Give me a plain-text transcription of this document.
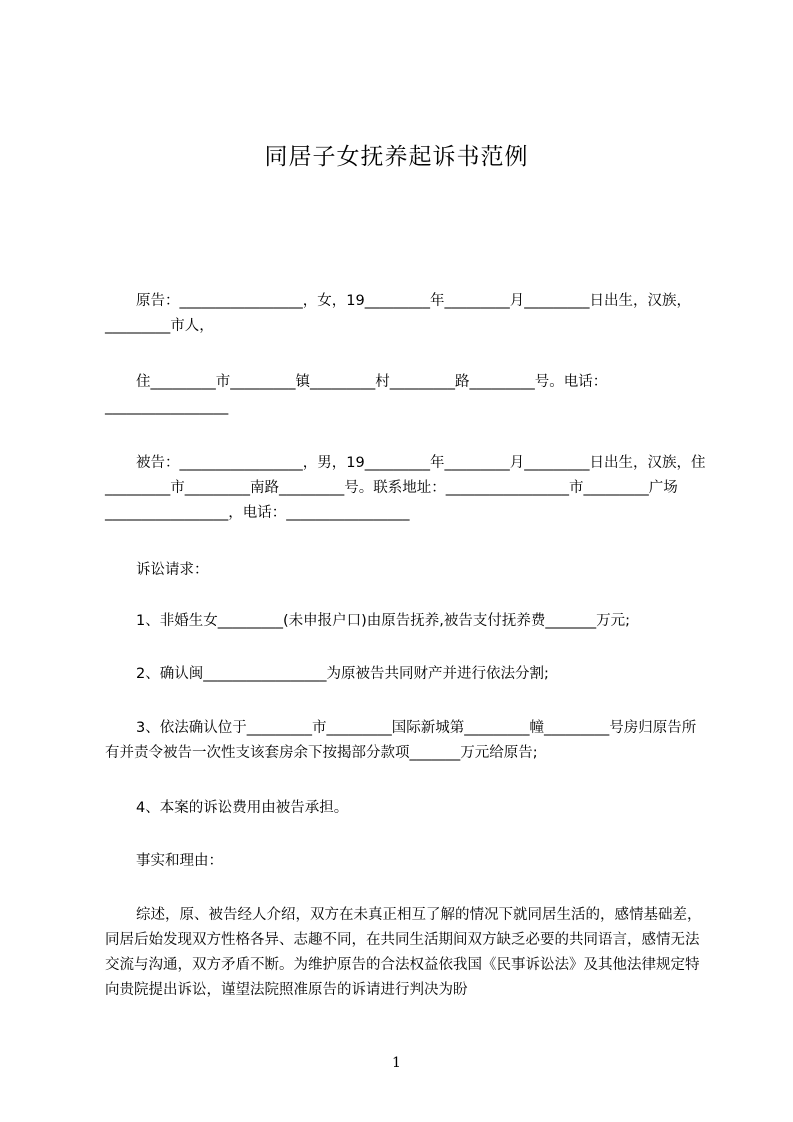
同居子女抚养起诉书范例

原告：_________________，女，19_________年_________月_________日出生，汉族，_________市人，

住_________市_________镇_________村_________路_________号。电话：_________________

被告：_________________，男，19_________年_________月_________日出生，汉族，住_________市_________南路_________号。联系地址：_________________市_________广场_________________，电话：_________________

诉讼请求：

1、非婚生女_________(未申报户口)由原告抚养,被告支付抚养费_______万元;

2、确认闽_________________为原被告共同财产并进行依法分割;

3、依法确认位于_________市_________国际新城第_________幢_________号房归原告所有并责令被告一次性支该套房余下按揭部分款项_______万元给原告;

4、本案的诉讼费用由被告承担。

事实和理由：

综述，原、被告经人介绍，双方在未真正相互了解的情况下就同居生活的，感情基础差，同居后始发现双方性格各异、志趣不同，在共同生活期间双方缺乏必要的共同语言，感情无法交流与沟通，双方矛盾不断。为维护原告的合法权益依我国《民事诉讼法》及其他法律规定特向贵院提出诉讼，谨望法院照准原告的诉请进行判决为盼

1
